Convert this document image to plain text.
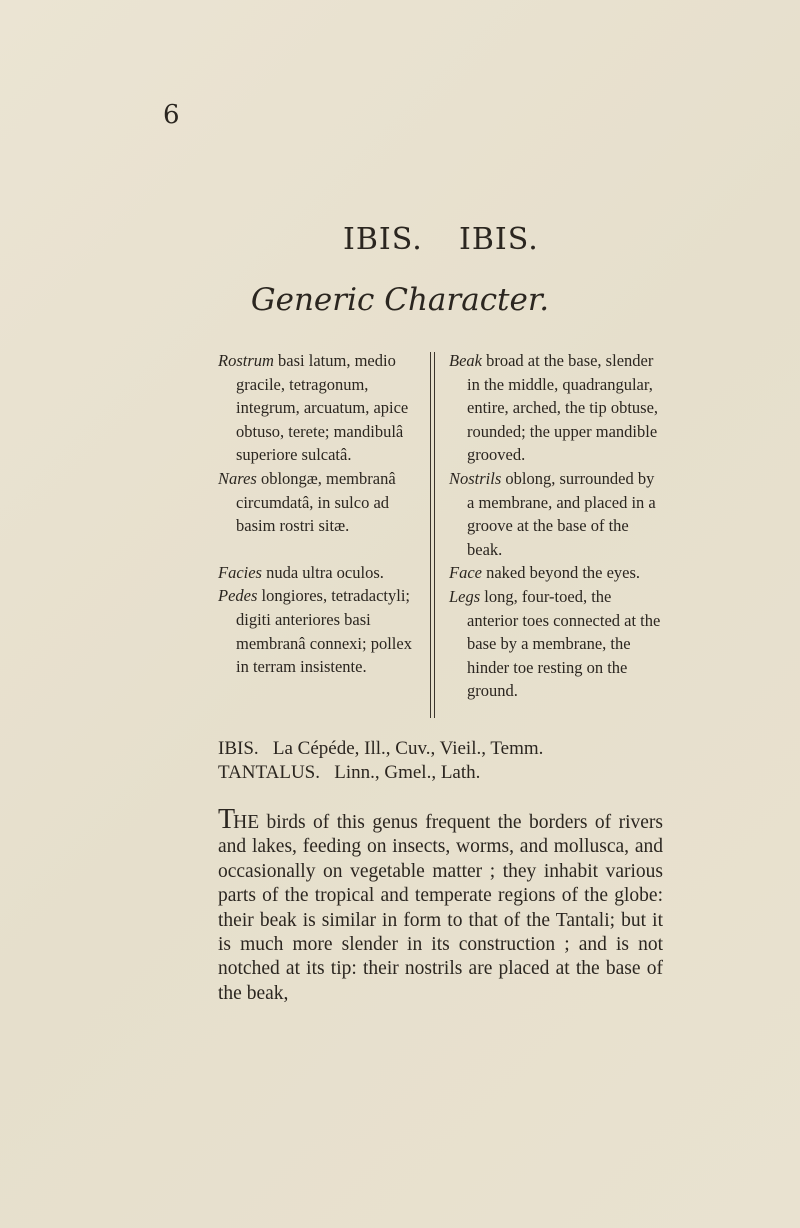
6
IBIS. IBIS.
Generic Character.

Rostrum basi latum, medio gracile, tetragonum, integrum, arcuatum, apice obtuso, terete; mandibulâ superiore sulcatâ.

Nares oblongæ, membranâ circumdatâ, in sulco ad basim rostri sitæ.

Facies nuda ultra oculos.

Pedes longiores, tetradactyli; digiti anteriores basi membranâ connexi; pollex in terram insistente.

Beak broad at the base, slender in the middle, quadrangular, entire, arched, the tip obtuse, rounded; the upper mandible grooved.

Nostrils oblong, surrounded by a membrane, and placed in a groove at the base of the beak.

Face naked beyond the eyes.

Legs long, four-toed, the anterior toes connected at the base by a membrane, the hinder toe resting on the ground.

IBIS.   La Cépéde, Ill., Cuv., Vieil., Temm.
TANTALUS.   Linn., Gmel., Lath.
THE birds of this genus frequent the borders of rivers and lakes, feeding on insects, worms, and mollusca, and occasionally on vegetable matter ; they inhabit various parts of the tropical and temperate regions of the globe: their beak is similar in form to that of the Tantali; but it is much more slender in its construction ; and is not notched at its tip: their nostrils are placed at the base of the beak,
